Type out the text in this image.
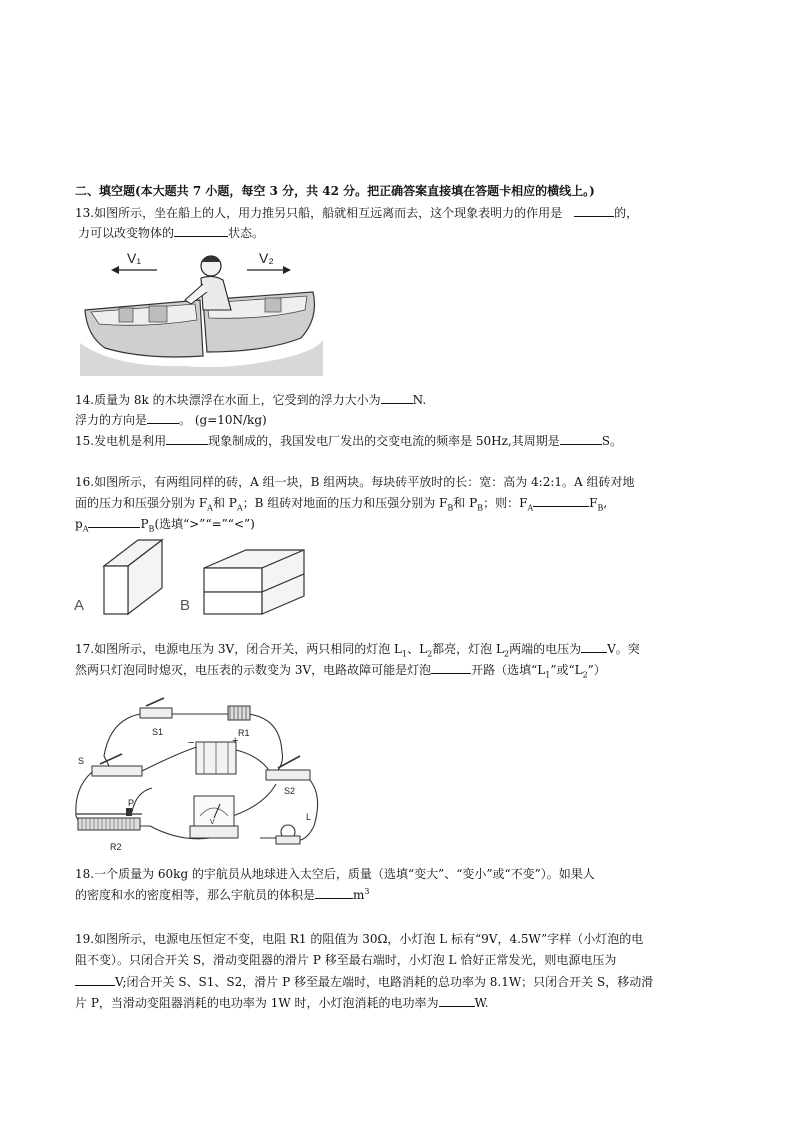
二、填空题(本大题共 7 小题，每空 3 分，共 42 分。把正确答案直接填在答题卡相应的横线上。)
13.如图所示，坐在船上的人，用力推另只船，船就相互远离而去，这个现象表明力的作用是	的，
力可以改变物体的	状态。
V₁	V₂
14.质量为 8k 的木块漂浮在水面上，它受到的浮力大小为	N.
浮力的方向是	。 (g=10N/kg)
15.发电机是利用	现象制成的，我国发电厂发出的交变电流的频率是 50Hz,其周期是	S。
16.如图所示，有两组同样的砖，A 组一块，B 组两块。每块砖平放时的长：宽：高为 4:2:1。A 组砖对地
面的压力和压强分别为 $F_A$和 $P_A$；B 组砖对地面的压力和压强分别为 $F_B$和 $P_B$；则：$F_A$	$F_B$,
$p_A$	$P_B$(选填“>”“=”“<”)
A	B
17.如图所示，电源电压为 3V，闭合开关，两只相同的灯泡 $L_1$、$L_2$都亮，灯泡 $L_2$两端的电压为 V。突
然两只灯泡同时熄灭，电压表的示数变为 3V，电路故障可能是灯泡	开路（选填“$L_1$”或“$L_2$”）
S1	R1
−	+
S
S2
P
R2
V
L
18.一个质量为 60kg 的宇航员从地球进入太空后，质量（选填“变大”、“变小”或“不变”）。如果人
的密度和水的密度相等，那么宇航员的体积是	$m^3$
19.如图所示，电源电压恒定不变，电阻 R1 的阻值为 30Ω，小灯泡 L 标有“9V，4.5W”字样（小灯泡的电
阻不变）。只闭合开关 S，滑动变阻器的滑片 P 移至最右端时，小灯泡 L 恰好正常发光，则电源电压为
V;闭合开关 S、S1、S2，滑片 P 移至最左端时，电路消耗的总功率为 8.1W；只闭合开关 S，移动滑
片 P，当滑动变阻器消耗的电功率为 1W 时，小灯泡消耗的电功率为	W.
